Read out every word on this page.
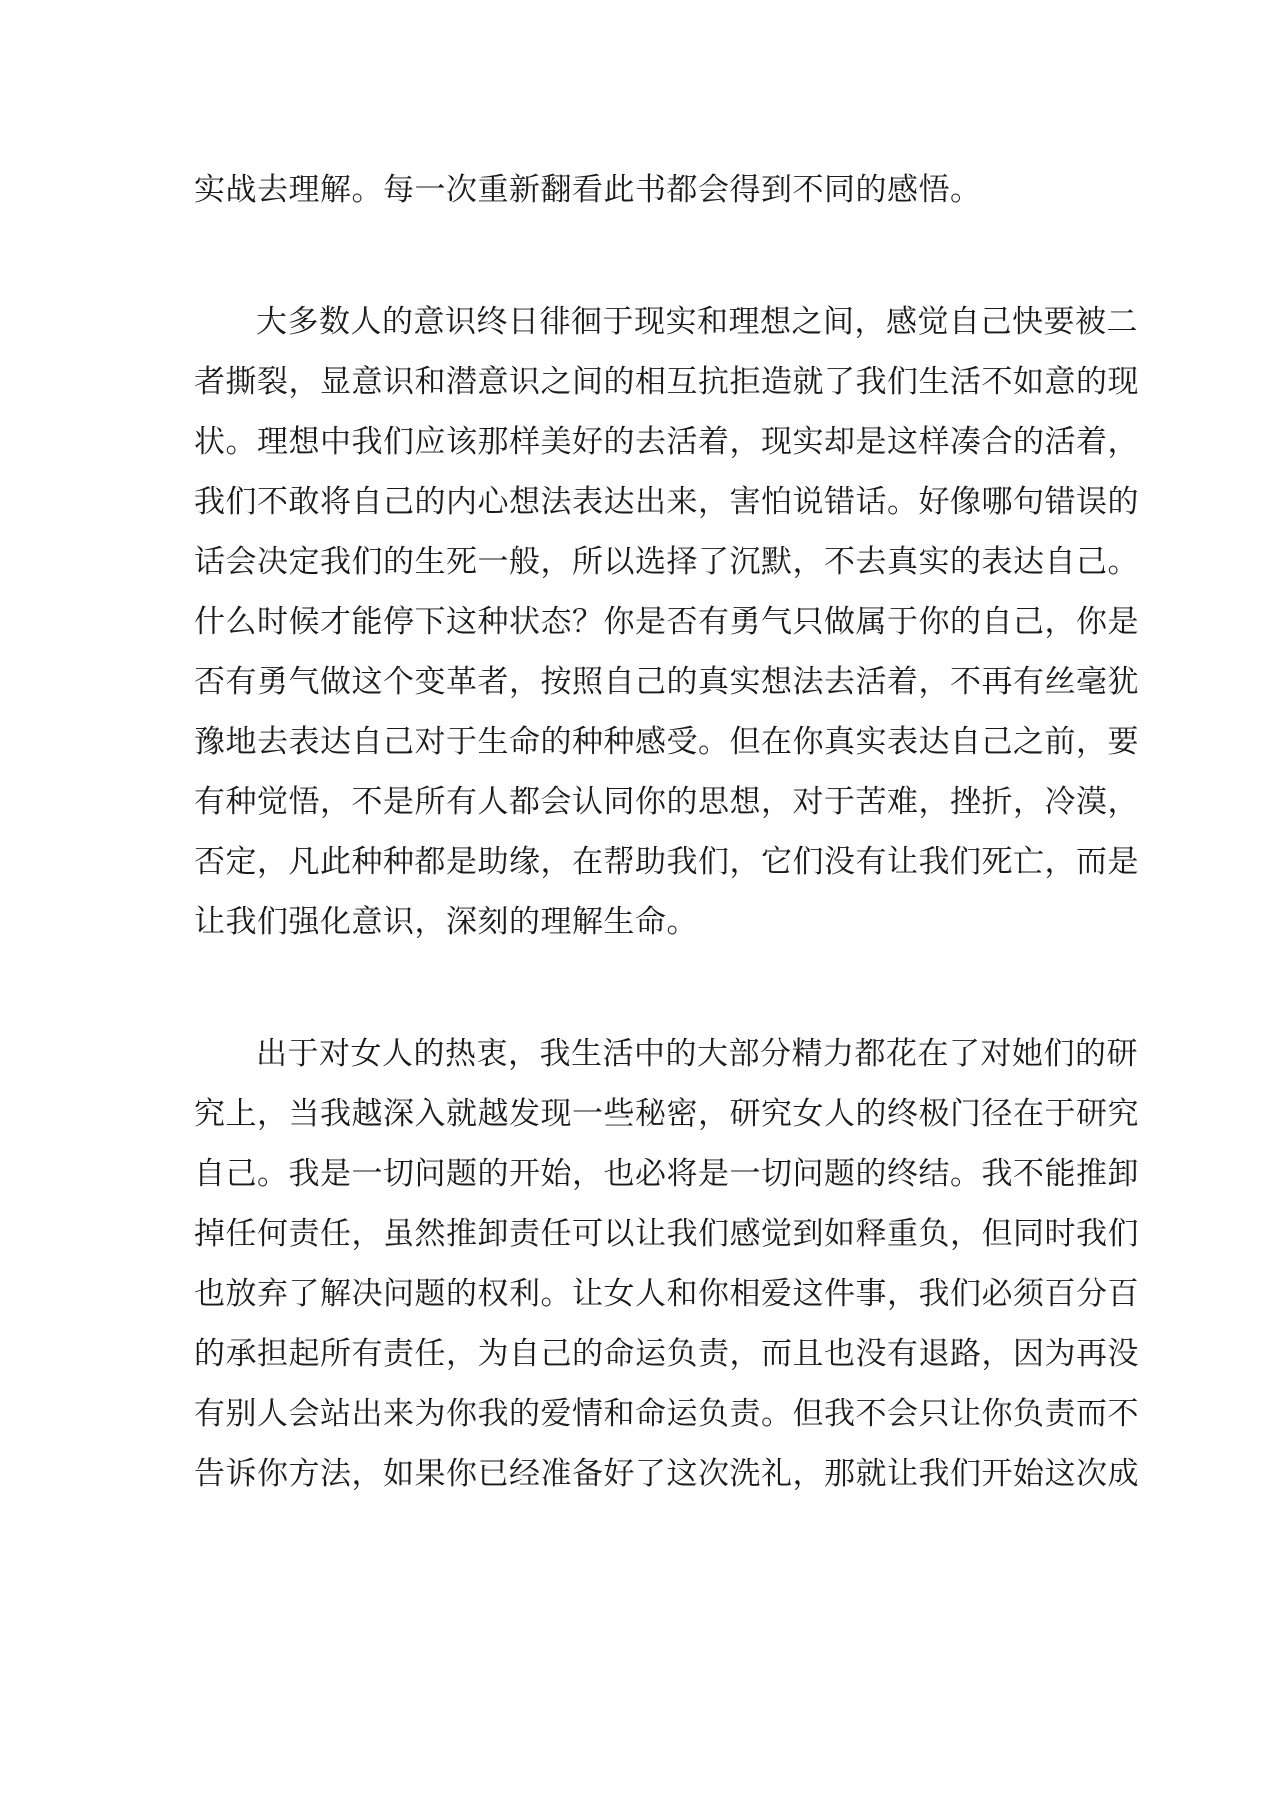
实战去理解。每一次重新翻看此书都会得到不同的感悟。
大多数人的意识终日徘徊于现实和理想之间，感觉自己快要被二
者撕裂，显意识和潜意识之间的相互抗拒造就了我们生活不如意的现
状。理想中我们应该那样美好的去活着，现实却是这样凑合的活着，
我们不敢将自己的内心想法表达出来，害怕说错话。好像哪句错误的
话会决定我们的生死一般，所以选择了沉默，不去真实的表达自己。
什么时候才能停下这种状态？你是否有勇气只做属于你的自己，你是
否有勇气做这个变革者，按照自己的真实想法去活着，不再有丝毫犹
豫地去表达自己对于生命的种种感受。但在你真实表达自己之前，要
有种觉悟，不是所有人都会认同你的思想，对于苦难，挫折，冷漠，
否定，凡此种种都是助缘，在帮助我们，它们没有让我们死亡，而是
让我们强化意识，深刻的理解生命。
出于对女人的热衷，我生活中的大部分精力都花在了对她们的研
究上，当我越深入就越发现一些秘密，研究女人的终极门径在于研究
自己。我是一切问题的开始，也必将是一切问题的终结。我不能推卸
掉任何责任，虽然推卸责任可以让我们感觉到如释重负，但同时我们
也放弃了解决问题的权利。让女人和你相爱这件事，我们必须百分百
的承担起所有责任，为自己的命运负责，而且也没有退路，因为再没
有别人会站出来为你我的爱情和命运负责。但我不会只让你负责而不
告诉你方法，如果你已经准备好了这次洗礼，那就让我们开始这次成
